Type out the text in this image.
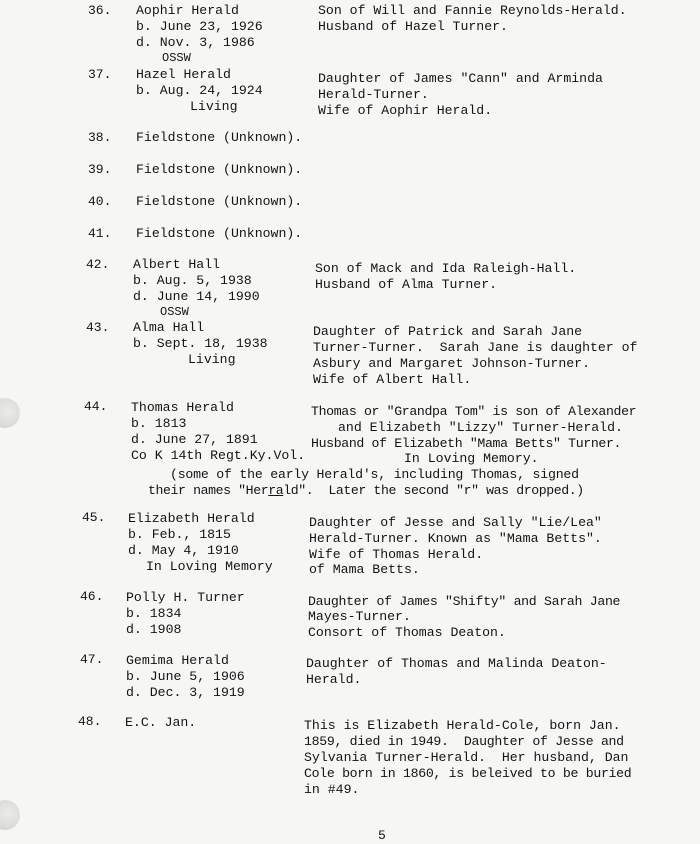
36. Aophir Herald
b. June 23, 1926
d. Nov. 3, 1986
OSSW
Son of Will and Fannie Reynolds-Herald.
Husband of Hazel Turner.
37. Hazel Herald
b. Aug. 24, 1924
Living
Daughter of James "Cann" and Arminda
Herald-Turner.
Wife of Aophir Herald.
38. Fieldstone (Unknown).
39. Fieldstone (Unknown).
40. Fieldstone (Unknown).
41. Fieldstone (Unknown).
42. Albert Hall
b. Aug. 5, 1938
d. June 14, 1990
OSSW
Son of Mack and Ida Raleigh-Hall.
Husband of Alma Turner.
43. Alma Hall
b. Sept. 18, 1938
Living
Daughter of Patrick and Sarah Jane
Turner-Turner.  Sarah Jane is daughter of
Asbury and Margaret Johnson-Turner.
Wife of Albert Hall.
44. Thomas Herald
b. 1813
d. June 27, 1891
Co K 14th Regt.Ky.Vol.
Thomas or "Grandpa Tom" is son of Alexander
and Elizabeth "Lizzy" Turner-Herald.
Husband of Elizabeth "Mama Betts" Turner.
In Loving Memory.
(some of the early Herald's, including Thomas, signed
their names "Herrald".  Later the second "r" was dropped.)
45. Elizabeth Herald
b. Feb., 1815
d. May 4, 1910
In Loving Memory
Daughter of Jesse and Sally "Lie/Lea"
Herald-Turner. Known as "Mama Betts".
Wife of Thomas Herald.
of Mama Betts.
46. Polly H. Turner
b. 1834
d. 1908
Daughter of James "Shifty" and Sarah Jane
Mayes-Turner.
Consort of Thomas Deaton.
47. Gemima Herald
b. June 5, 1906
d. Dec. 3, 1919
Daughter of Thomas and Malinda Deaton-
Herald.
48. E.C. Jan.	This is Elizabeth Herald-Cole, born Jan.
1859, died in 1949.  Daughter of Jesse and
Sylvania Turner-Herald.  Her husband, Dan
Cole born in 1860, is beleived to be buried
in #49.
5
